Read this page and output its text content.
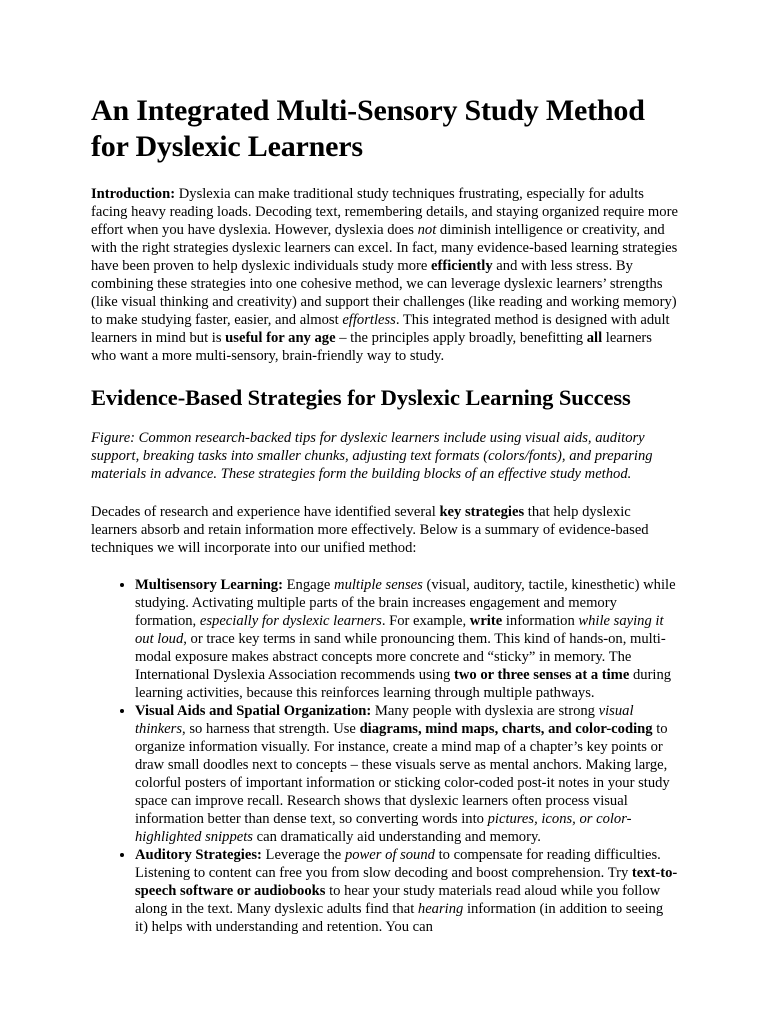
An Integrated Multi-Sensory Study Method for Dyslexic Learners

Introduction: Dyslexia can make traditional study techniques frustrating, especially for adults facing heavy reading loads. Decoding text, remembering details, and staying organized require more effort when you have dyslexia. However, dyslexia does not diminish intelligence or creativity, and with the right strategies dyslexic learners can excel. In fact, many evidence-based learning strategies have been proven to help dyslexic individuals study more efficiently and with less stress. By combining these strategies into one cohesive method, we can leverage dyslexic learners’ strengths (like visual thinking and creativity) and support their challenges (like reading and working memory) to make studying faster, easier, and almost effortless. This integrated method is designed with adult learners in mind but is useful for any age – the principles apply broadly, benefitting all learners who want a more multi-sensory, brain-friendly way to study.

Evidence-Based Strategies for Dyslexic Learning Success

Figure: Common research-backed tips for dyslexic learners include using visual aids, auditory support, breaking tasks into smaller chunks, adjusting text formats (colors/fonts), and preparing materials in advance. These strategies form the building blocks of an effective study method.

Decades of research and experience have identified several key strategies that help dyslexic learners absorb and retain information more effectively. Below is a summary of evidence-based techniques we will incorporate into our unified method:

• Multisensory Learning: Engage multiple senses (visual, auditory, tactile, kinesthetic) while studying. Activating multiple parts of the brain increases engagement and memory formation, especially for dyslexic learners. For example, write information while saying it out loud, or trace key terms in sand while pronouncing them. This kind of hands-on, multi-modal exposure makes abstract concepts more concrete and “sticky” in memory. The International Dyslexia Association recommends using two or three senses at a time during learning activities, because this reinforces learning through multiple pathways.
• Visual Aids and Spatial Organization: Many people with dyslexia are strong visual thinkers, so harness that strength. Use diagrams, mind maps, charts, and color-coding to organize information visually. For instance, create a mind map of a chapter’s key points or draw small doodles next to concepts – these visuals serve as mental anchors. Making large, colorful posters of important information or sticking color-coded post-it notes in your study space can improve recall. Research shows that dyslexic learners often process visual information better than dense text, so converting words into pictures, icons, or color-highlighted snippets can dramatically aid understanding and memory.
• Auditory Strategies: Leverage the power of sound to compensate for reading difficulties. Listening to content can free you from slow decoding and boost comprehension. Try text-to-speech software or audiobooks to hear your study materials read aloud while you follow along in the text. Many dyslexic adults find that hearing information (in addition to seeing it) helps with understanding and retention. You can
